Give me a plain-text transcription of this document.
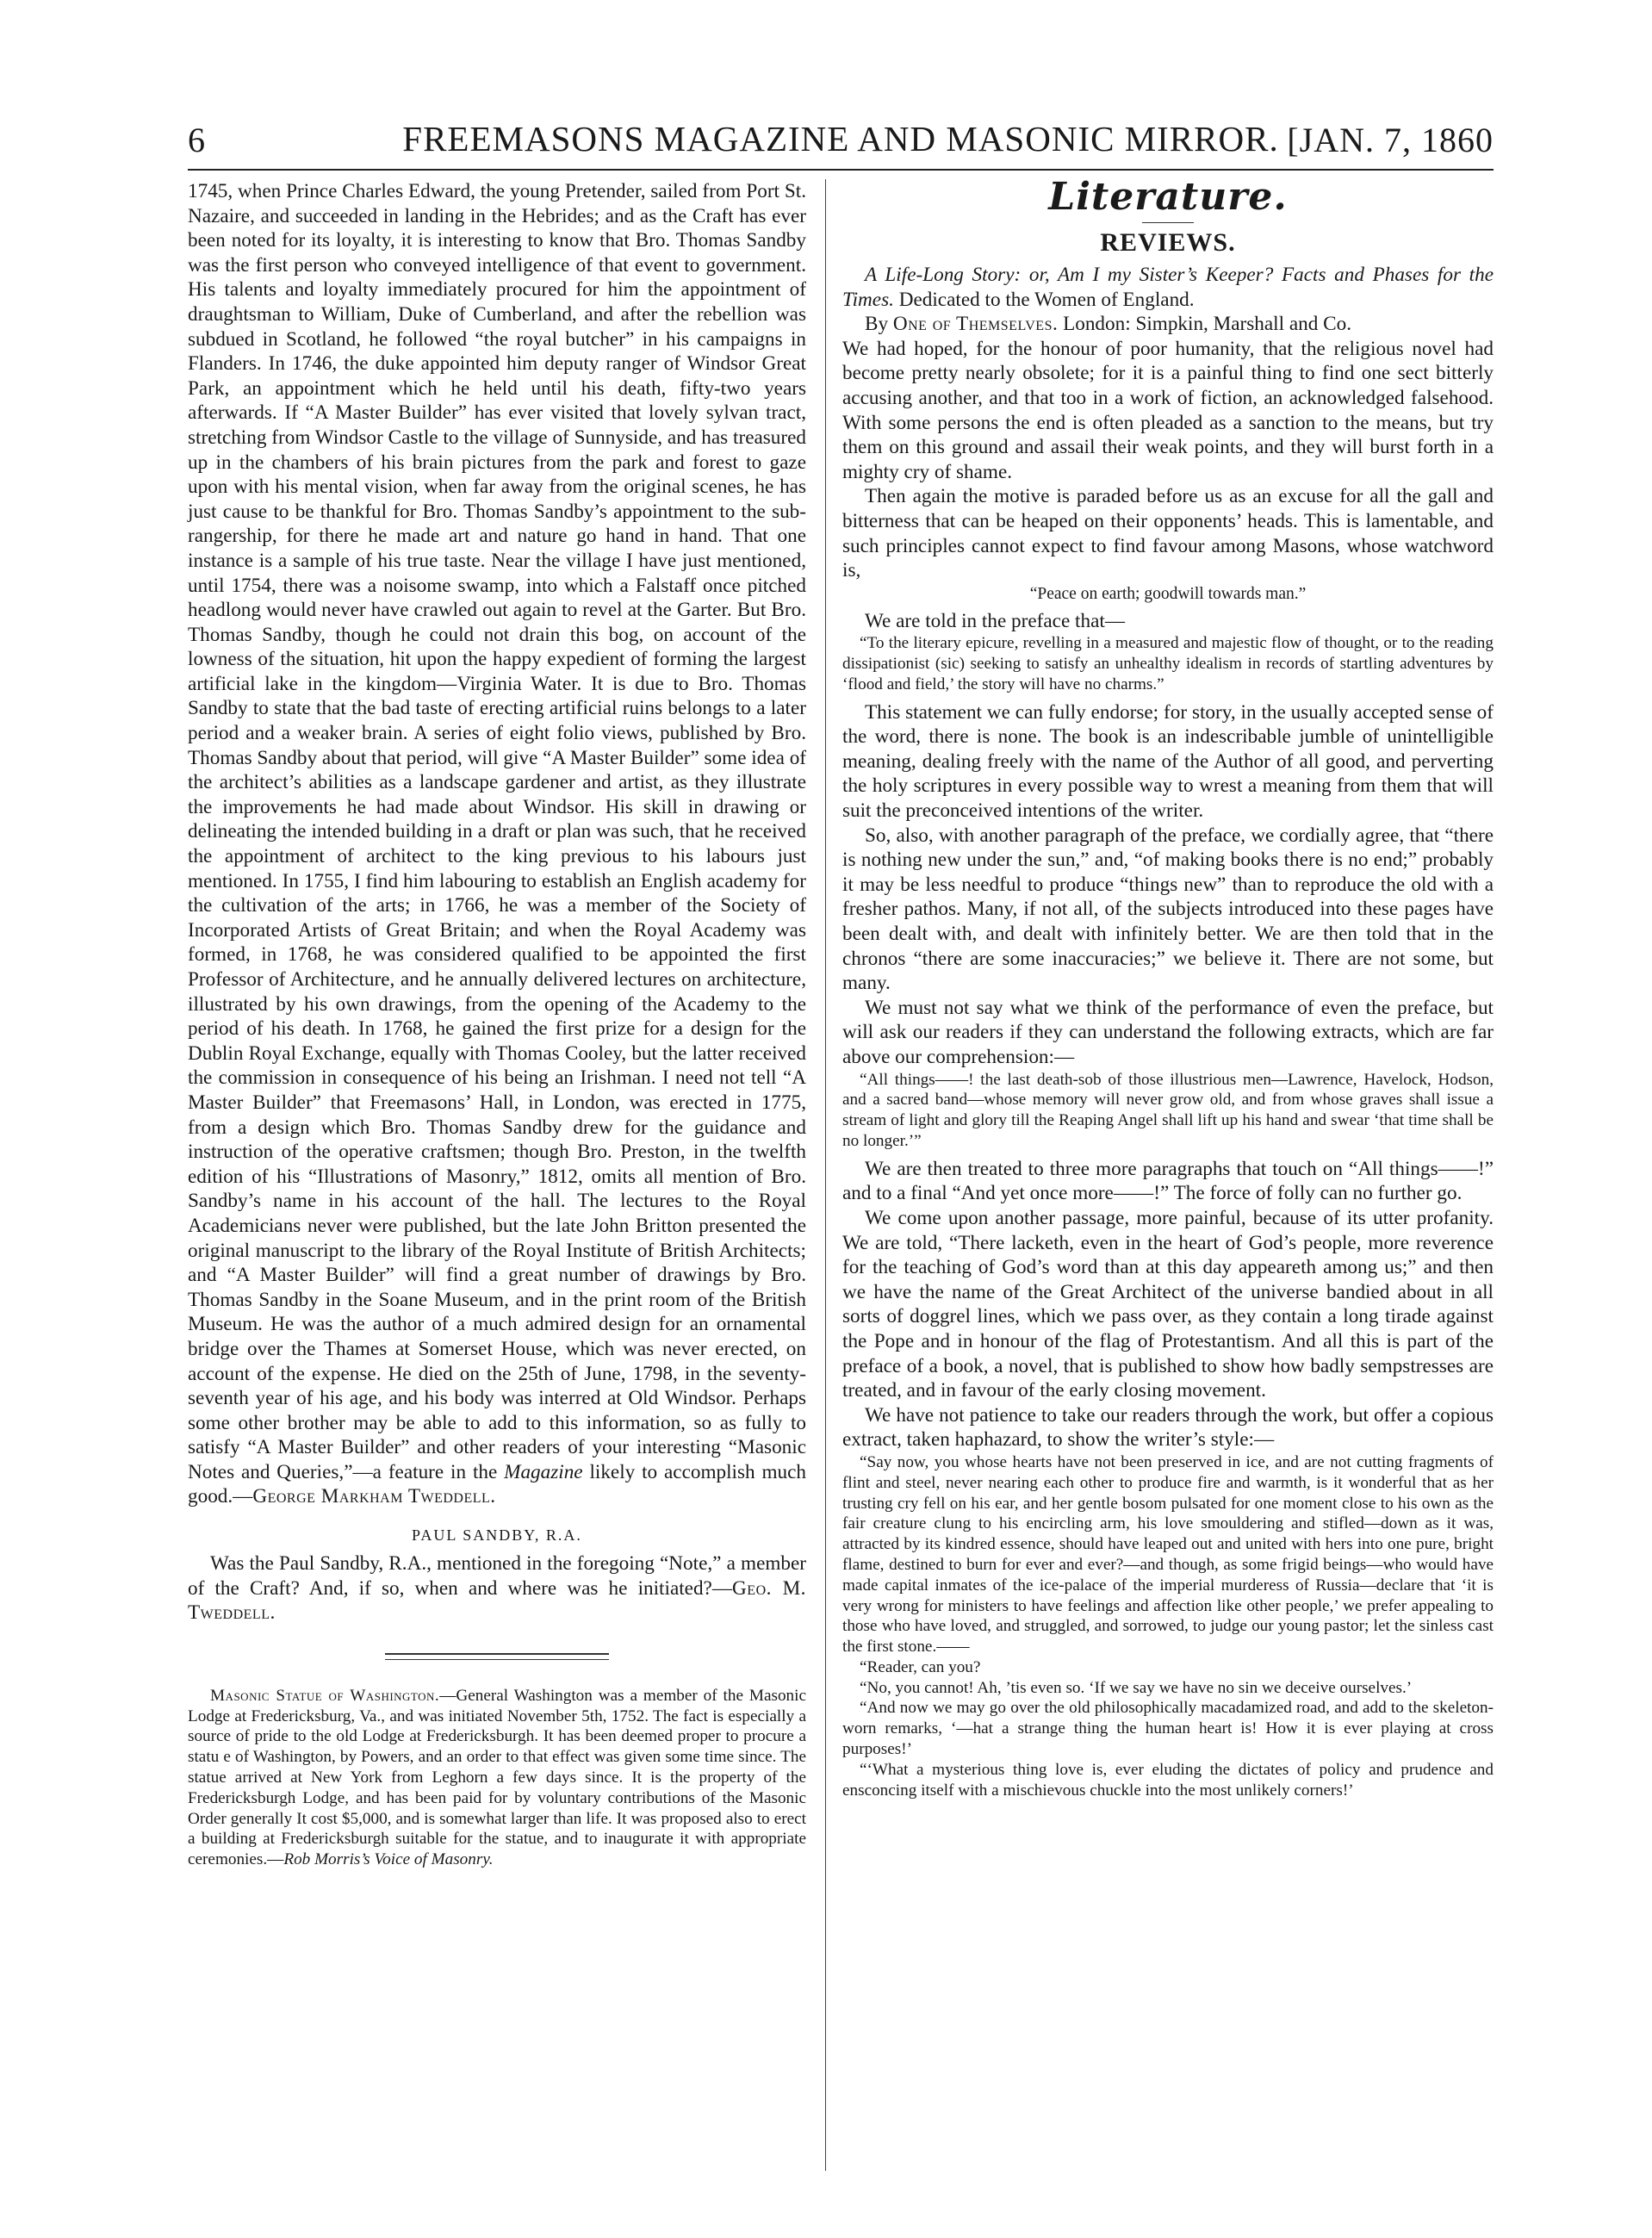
6	FREEMASONS MAGAZINE AND MASONIC MIRROR. [JAN. 7, 1860

1745, when Prince Charles Edward, the young Pretender, sailed from Port St. Nazaire, and succeeded in landing in the Hebrides; and as the Craft has ever been noted for its loyalty, it is interesting to know that Bro. Thomas Sandby was the first person who conveyed intelligence of that event to government. His talents and loyalty immediately procured for him the appointment of draughtsman to William, Duke of Cumberland, and after the rebellion was subdued in Scotland, he followed “the royal butcher” in his campaigns in Flanders. In 1746, the duke appointed him deputy ranger of Windsor Great Park, an appointment which he held until his death, fifty-two years afterwards. If “A Master Builder” has ever visited that lovely sylvan tract, stretching from Windsor Castle to the village of Sunnyside, and has treasured up in the chambers of his brain pictures from the park and forest to gaze upon with his mental vision, when far away from the original scenes, he has just cause to be thankful for Bro. Thomas Sandby’s appointment to the sub-rangership, for there he made art and nature go hand in hand. That one instance is a sample of his true taste. Near the village I have just mentioned, until 1754, there was a noisome swamp, into which a Falstaff once pitched headlong would never have crawled out again to revel at the Garter. But Bro. Thomas Sandby, though he could not drain this bog, on account of the lowness of the situation, hit upon the happy expedient of forming the largest artificial lake in the kingdom—Virginia Water. It is due to Bro. Thomas Sandby to state that the bad taste of erecting artificial ruins belongs to a later period and a weaker brain. A series of eight folio views, published by Bro. Thomas Sandby about that period, will give “A Master Builder” some idea of the architect’s abilities as a landscape gardener and artist, as they illustrate the improvements he had made about Windsor. His skill in drawing or delineating the intended building in a draft or plan was such, that he received the appointment of architect to the king previous to his labours just mentioned. In 1755, I find him labouring to establish an English academy for the cultivation of the arts; in 1766, he was a member of the Society of Incorporated Artists of Great Britain; and when the Royal Academy was formed, in 1768, he was considered qualified to be appointed the first Professor of Architecture, and he annually delivered lectures on architecture, illustrated by his own drawings, from the opening of the Academy to the period of his death. In 1768, he gained the first prize for a design for the Dublin Royal Exchange, equally with Thomas Cooley, but the latter received the commission in consequence of his being an Irishman. I need not tell “A Master Builder” that Freemasons’ Hall, in London, was erected in 1775, from a design which Bro. Thomas Sandby drew for the guidance and instruction of the operative craftsmen; though Bro. Preston, in the twelfth edition of his “Illustrations of Masonry,” 1812, omits all mention of Bro. Sandby’s name in his account of the hall. The lectures to the Royal Academicians never were published, but the late John Britton presented the original manuscript to the library of the Royal Institute of British Architects; and “A Master Builder” will find a great number of drawings by Bro. Thomas Sandby in the Soane Museum, and in the print room of the British Museum. He was the author of a much admired design for an ornamental bridge over the Thames at Somerset House, which was never erected, on account of the expense. He died on the 25th of June, 1798, in the seventy-seventh year of his age, and his body was interred at Old Windsor. Perhaps some other brother may be able to add to this information, so as fully to satisfy “A Master Builder” and other readers of your interesting “Masonic Notes and Queries,”—a feature in the Magazine likely to accomplish much good.—George Markham Tweddell.

PAUL SANDBY, R.A.

Was the Paul Sandby, R.A., mentioned in the foregoing “Note,” a member of the Craft? And, if so, when and where was he initiated?—Geo. M. Tweddell.

Masonic Statue of Washington.—General Washington was a member of the Masonic Lodge at Fredericksburg, Va., and was initiated November 5th, 1752. The fact is especially a source of pride to the old Lodge at Fredericksburgh. It has been deemed proper to procure a statu e of Washington, by Powers, and an order to that effect was given some time since. The statue arrived at New York from Leghorn a few days since. It is the property of the Fredericksburgh Lodge, and has been paid for by voluntary contributions of the Masonic Order generally It cost $5,000, and is somewhat larger than life. It was proposed also to erect a building at Fredericksburgh suitable for the statue, and to inaugurate it with appropriate ceremonies.—Rob Morris’s Voice of Masonry.

Literature.
REVIEWS.

A Life-Long Story: or, Am I my Sister’s Keeper? Facts and Phases for the Times. Dedicated to the Women of England.

By One of Themselves. London: Simpkin, Marshall and Co.

We had hoped, for the honour of poor humanity, that the religious novel had become pretty nearly obsolete; for it is a painful thing to find one sect bitterly accusing another, and that too in a work of fiction, an acknowledged falsehood. With some persons the end is often pleaded as a sanction to the means, but try them on this ground and assail their weak points, and they will burst forth in a mighty cry of shame.

Then again the motive is paraded before us as an excuse for all the gall and bitterness that can be heaped on their opponents’ heads. This is lamentable, and such principles cannot expect to find favour among Masons, whose watchword is,

“Peace on earth; goodwill towards man.”

We are told in the preface that—

“To the literary epicure, revelling in a measured and majestic flow of thought, or to the reading dissipationist (sic) seeking to satisfy an unhealthy idealism in records of startling adventures by ‘flood and field,’ the story will have no charms.”

This statement we can fully endorse; for story, in the usually accepted sense of the word, there is none. The book is an indescribable jumble of unintelligible meaning, dealing freely with the name of the Author of all good, and perverting the holy scriptures in every possible way to wrest a meaning from them that will suit the preconceived intentions of the writer.

So, also, with another paragraph of the preface, we cordially agree, that “there is nothing new under the sun,” and, “of making books there is no end;” probably it may be less needful to produce “things new” than to reproduce the old with a fresher pathos. Many, if not all, of the subjects introduced into these pages have been dealt with, and dealt with infinitely better. We are then told that in the chronos “there are some inaccuracies;” we believe it. There are not some, but many.

We must not say what we think of the performance of even the preface, but will ask our readers if they can understand the following extracts, which are far above our comprehension:—

“All things——! the last death-sob of those illustrious men—Lawrence, Havelock, Hodson, and a sacred band—whose memory will never grow old, and from whose graves shall issue a stream of light and glory till the Reaping Angel shall lift up his hand and swear ‘that time shall be no longer.’”

We are then treated to three more paragraphs that touch on “All things——!” and to a final “And yet once more——!” The force of folly can no further go.

We come upon another passage, more painful, because of its utter profanity. We are told, “There lacketh, even in the heart of God’s people, more reverence for the teaching of God’s word than at this day appeareth among us;” and then we have the name of the Great Architect of the universe bandied about in all sorts of doggrel lines, which we pass over, as they contain a long tirade against the Pope and in honour of the flag of Protestantism. And all this is part of the preface of a book, a novel, that is published to show how badly sempstresses are treated, and in favour of the early closing movement.

We have not patience to take our readers through the work, but offer a copious extract, taken haphazard, to show the writer’s style:—

“Say now, you whose hearts have not been preserved in ice, and are not cutting fragments of flint and steel, never nearing each other to produce fire and warmth, is it wonderful that as her trusting cry fell on his ear, and her gentle bosom pulsated for one moment close to his own as the fair creature clung to his encircling arm, his love smouldering and stifled—down as it was, attracted by its kindred essence, should have leaped out and united with hers into one pure, bright flame, destined to burn for ever and ever?—and though, as some frigid beings—who would have made capital inmates of the ice-palace of the imperial murderess of Russia—declare that ‘it is very wrong for ministers to have feelings and affection like other people,’ we prefer appealing to those who have loved, and struggled, and sorrowed, to judge our young pastor; let the sinless cast the first stone.——

“Reader, can you?

“No, you cannot! Ah, ’tis even so. ‘If we say we have no sin we deceive ourselves.’

“And now we may go over the old philosophically macadamized road, and add to the skeleton-worn remarks, ‘—hat a strange thing the human heart is! How it is ever playing at cross purposes!’

“‘What a mysterious thing love is, ever eluding the dictates of policy and prudence and ensconcing itself with a mischievous chuckle into the most unlikely corners!’
